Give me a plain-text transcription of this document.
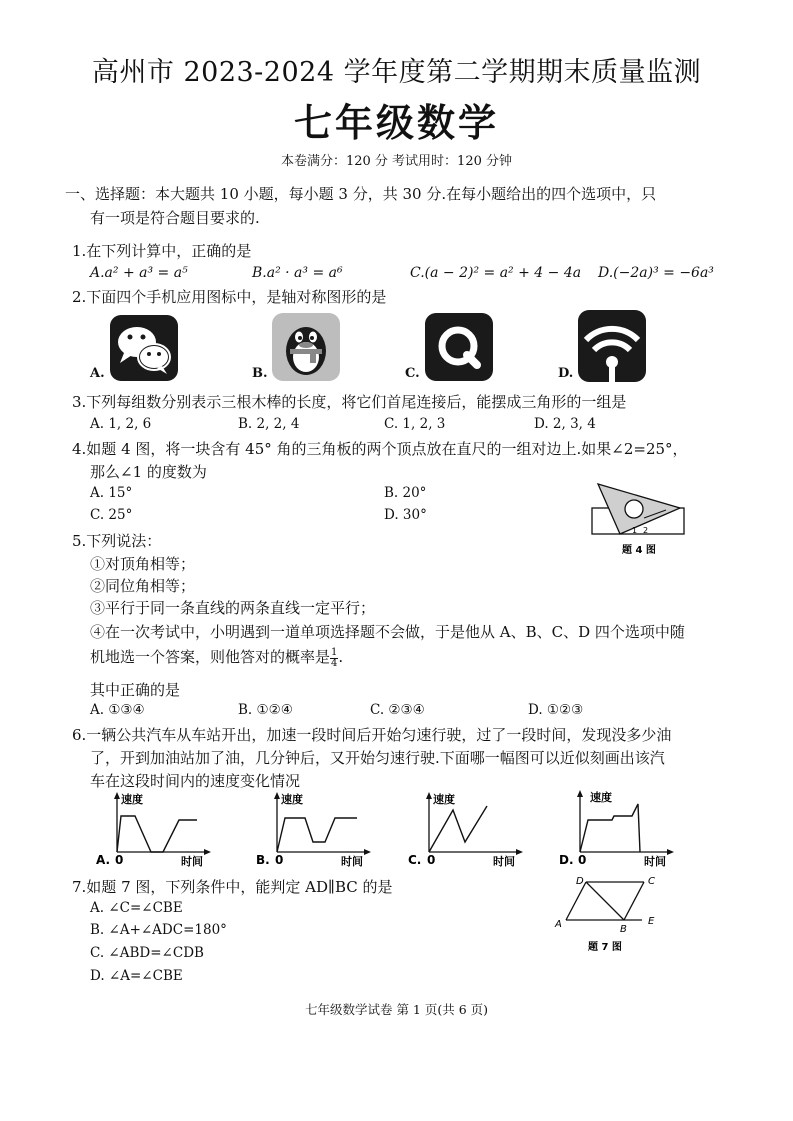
高州市 2023-2024 学年度第二学期期末质量监测
七年级数学
本卷满分：120 分 考试用时：120 分钟
一、选择题：本大题共 10 小题，每小题 3 分，共 30 分.在每小题给出的四个选项中，只
有一项是符合题目要求的.
1.在下列计算中，正确的是
A.a² + a³ = a⁵	B.a² · a³ = a⁶	C.(a − 2)² = a² + 4 − 4a D.(−2a)³ = −6a³
2.下面四个手机应用图标中，是轴对称图形的是
A.	B.	C.	D.
3.下列每组数分别表示三根木棒的长度，将它们首尾连接后，能摆成三角形的一组是
A. 1, 2, 6	B. 2, 2, 4	C. 1, 2, 3	D. 2, 3, 4
4.如题 4 图，将一块含有 45° 角的三角板的两个顶点放在直尺的一组对边上.如果∠2=25°，
那么∠1 的度数为
A. 15°	B. 20°
C. 25°	D. 30°
1 2
题 4 图
5.下列说法：
①对顶角相等；
②同位角相等；
③平行于同一条直线的两条直线一定平行；
④在一次考试中，小明遇到一道单项选择题不会做，于是他从 A、B、C、D 四个选项中随
机地选一个答案，则他答对的概率是 $\frac{1}{4}$ .
其中正确的是
A. ①③④	B. ①②④	C. ②③④	D. ①②③
6.一辆公共汽车从车站开出，加速一段时间后开始匀速行驶，过了一段时间，发现没多少油
了，开到加油站加了油，几分钟后，又开始匀速行驶.下面哪一幅图可以近似刻画出该汽
车在这段时间内的速度变化情况
速度
A. 0	时间
速度
B. 0	时间
速度
C. 0	时间
速度
D. 0	时间
7.如题 7 图，下列条件中，能判定 AD∥BC 的是
A. ∠C=∠CBE
B. ∠A+∠ADC=180°
C. ∠ABD=∠CDB
D. ∠A=∠CBE
D	C
A	B
E
题 7 图
七年级数学试卷 第 1 页(共 6 页)
